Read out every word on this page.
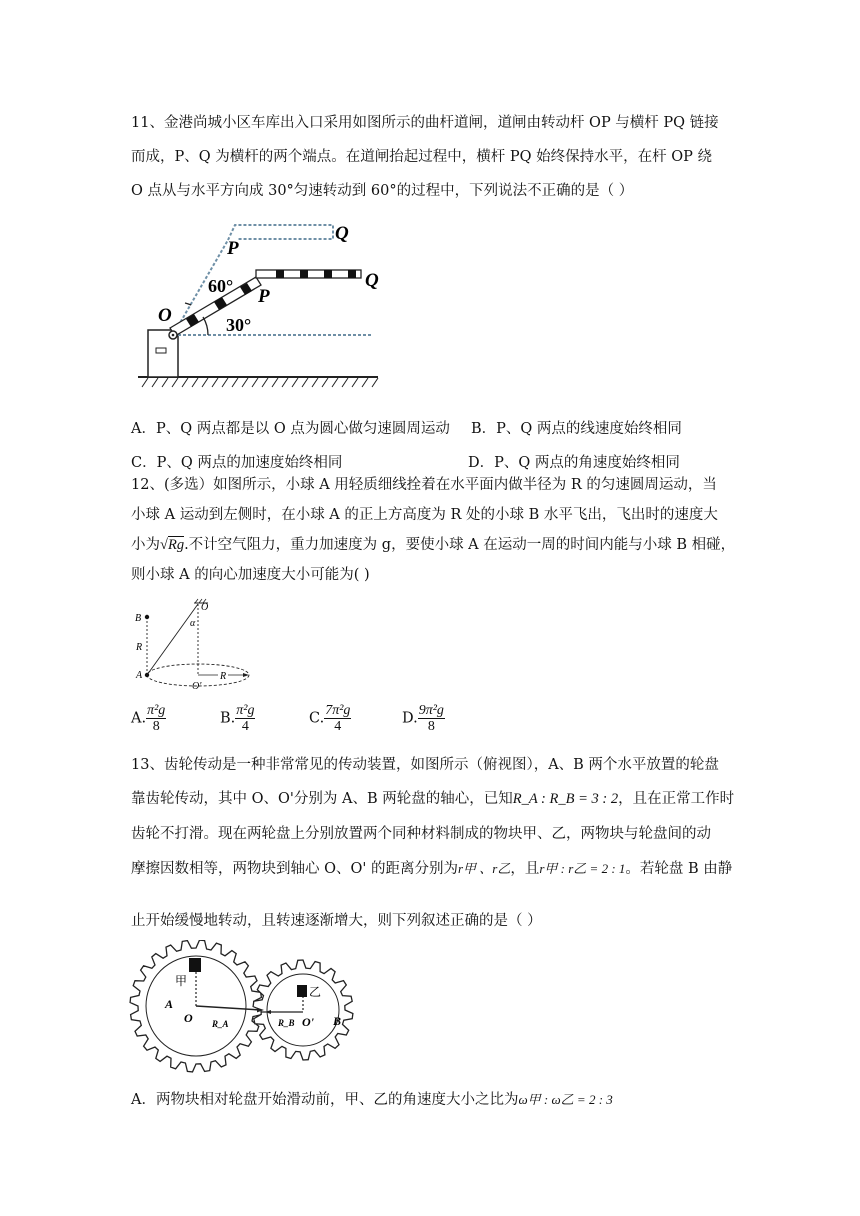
11、金港尚城小区车库出入口采用如图所示的曲杆道闸，道闸由转动杆 OP 与横杆 PQ 链接
而成，P、Q 为横杆的两个端点。在道闸抬起过程中，横杆 PQ 始终保持水平，在杆 OP 绕
O 点从与水平方向成 30°匀速转动到 60°的过程中，下列说法不正确的是（ ）
Q
P
Q
P
O
60°
30°
A．P、Q 两点都是以 O 点为圆心做匀速圆周运动 B．P、Q 两点的线速度始终相同
C．P、Q 两点的加速度始终相同	D．P、Q 两点的角速度始终相同
12、(多选）如图所示，小球 A 用轻质细线拴着在水平面内做半径为 R 的匀速圆周运动，当
小球 A 运动到左侧时，在小球 A 的正上方高度为 R 处的小球 B 水平飞出，飞出时的速度大
小为√Rg.不计空气阻力，重力加速度为 g，要使小球 A 在运动一周的时间内能与小球 B 相碰，
则小球 A 的向心加速度大小可能为( )
B
O
α
R
A
O'
R
A. $\frac{\text{π²g}}{8}$	B. $\frac{\text{π²g}}{4}$	C. $\frac{\text{7π²g}}{4}$	D. $\frac{\text{9π²g}}{8}$
13、齿轮传动是一种非常常见的传动装置，如图所示（俯视图），A、B 两个水平放置的轮盘
靠齿轮传动，其中 O、O'分别为 A、B 两轮盘的轴心，已知R_A : R_B = 3 : 2，且在正常工作时
齿轮不打滑。现在两轮盘上分别放置两个同种材料制成的物块甲、乙，两物块与轮盘间的动
摩擦因数相等，两物块到轴心 O、O' 的距离分别为r甲 、r乙，且r甲 : r乙 = 2 : 1。若轮盘 B 由静
止开始缓慢地转动，且转速逐渐增大，则下列叙述正确的是（ ）
甲
乙
A
B
O	O'
R_A	R_B
A．两物块相对轮盘开始滑动前，甲、乙的角速度大小之比为ω甲 : ω乙 = 2 : 3
